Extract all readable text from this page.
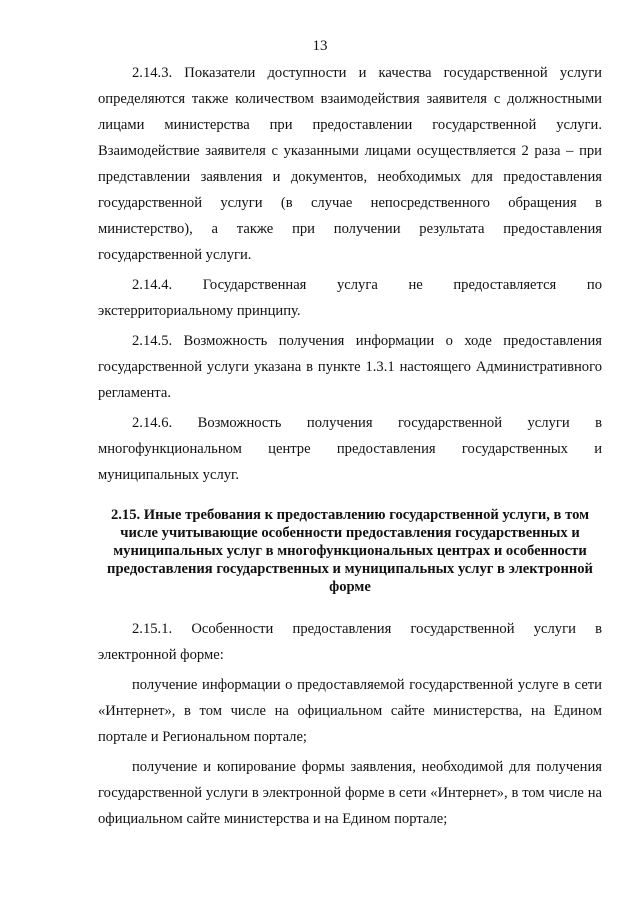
13

2.14.3. Показатели доступности и качества государственной услуги определяются также количеством взаимодействия заявителя с должностными лицами министерства при предоставлении государственной услуги. Взаимодействие заявителя с указанными лицами осуществляется 2 раза – при представлении заявления и документов, необходимых для предоставления государственной услуги (в случае непосредственного обращения в министерство), а также при получении результата предоставления государственной услуги.

2.14.4. Государственная услуга не предоставляется по экстерриториальному принципу.

2.14.5. Возможность получения информации о ходе предоставления государственной услуги указана в пункте 1.3.1 настоящего Административного регламента.

2.14.6. Возможность получения государственной услуги в многофункциональном центре предоставления государственных и муниципальных услуг.

2.15. Иные требования к предоставлению государственной услуги, в том числе учитывающие особенности предоставления государственных и муниципальных услуг в многофункциональных центрах и особенности предоставления государственных и муниципальных услуг в электронной форме

2.15.1. Особенности предоставления государственной услуги в электронной форме:

получение информации о предоставляемой государственной услуге в сети «Интернет», в том числе на официальном сайте министерства, на Едином портале и Региональном портале;

получение и копирование формы заявления, необходимой для получения государственной услуги в электронной форме в сети «Интернет», в том числе на официальном сайте министерства и на Едином портале;
